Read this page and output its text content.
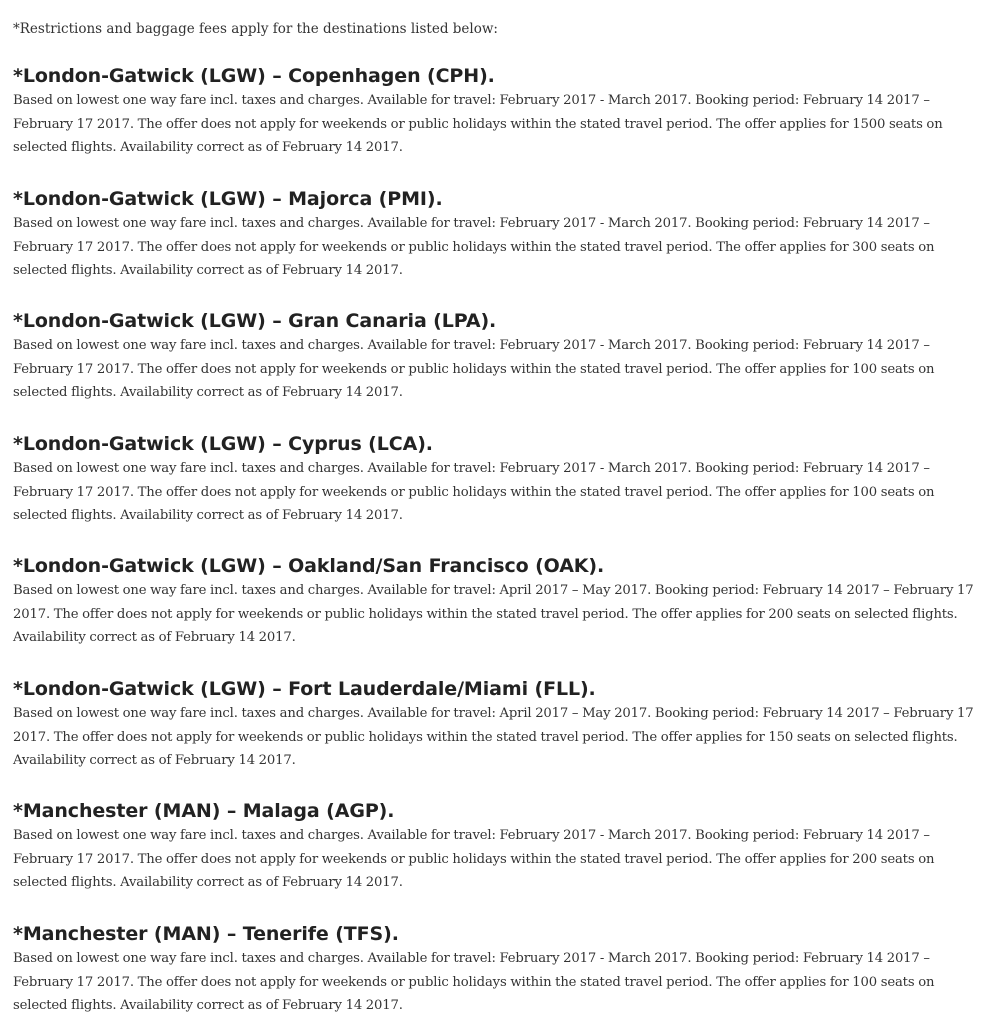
*Restrictions and baggage fees apply for the destinations listed below:

*London-Gatwick (LGW) – Copenhagen (CPH).

Based on lowest one way fare incl. taxes and charges. Available for travel: February 2017 - March 2017. Booking period: February 14 2017 – February 17 2017. The offer does not apply for weekends or public holidays within the stated travel period. The offer applies for 1500 seats on selected flights. Availability correct as of February 14 2017.

*London-Gatwick (LGW) – Majorca (PMI).

Based on lowest one way fare incl. taxes and charges. Available for travel: February 2017 - March 2017. Booking period: February 14 2017 – February 17 2017. The offer does not apply for weekends or public holidays within the stated travel period. The offer applies for 300 seats on selected flights. Availability correct as of February 14 2017.

*London-Gatwick (LGW) – Gran Canaria (LPA).

Based on lowest one way fare incl. taxes and charges. Available for travel: February 2017 - March 2017. Booking period: February 14 2017 – February 17 2017. The offer does not apply for weekends or public holidays within the stated travel period. The offer applies for 100 seats on selected flights. Availability correct as of February 14 2017.

*London-Gatwick (LGW) – Cyprus (LCA).

Based on lowest one way fare incl. taxes and charges. Available for travel: February 2017 - March 2017. Booking period: February 14 2017 – February 17 2017. The offer does not apply for weekends or public holidays within the stated travel period. The offer applies for 100 seats on selected flights. Availability correct as of February 14 2017.

*London-Gatwick (LGW) – Oakland/San Francisco (OAK).

Based on lowest one way fare incl. taxes and charges. Available for travel: April 2017 – May 2017. Booking period: February 14 2017 – February 17 2017. The offer does not apply for weekends or public holidays within the stated travel period. The offer applies for 200 seats on selected flights. Availability correct as of February 14 2017.

*London-Gatwick (LGW) – Fort Lauderdale/Miami (FLL).

Based on lowest one way fare incl. taxes and charges. Available for travel: April 2017 – May 2017. Booking period: February 14 2017 – February 17 2017. The offer does not apply for weekends or public holidays within the stated travel period. The offer applies for 150 seats on selected flights. Availability correct as of February 14 2017.

*Manchester (MAN) – Malaga (AGP).

Based on lowest one way fare incl. taxes and charges. Available for travel: February 2017 - March 2017. Booking period: February 14 2017 – February 17 2017. The offer does not apply for weekends or public holidays within the stated travel period. The offer applies for 200 seats on selected flights. Availability correct as of February 14 2017.

*Manchester (MAN) – Tenerife (TFS).

Based on lowest one way fare incl. taxes and charges. Available for travel: February 2017 - March 2017. Booking period: February 14 2017 – February 17 2017. The offer does not apply for weekends or public holidays within the stated travel period. The offer applies for 100 seats on selected flights. Availability correct as of February 14 2017.
